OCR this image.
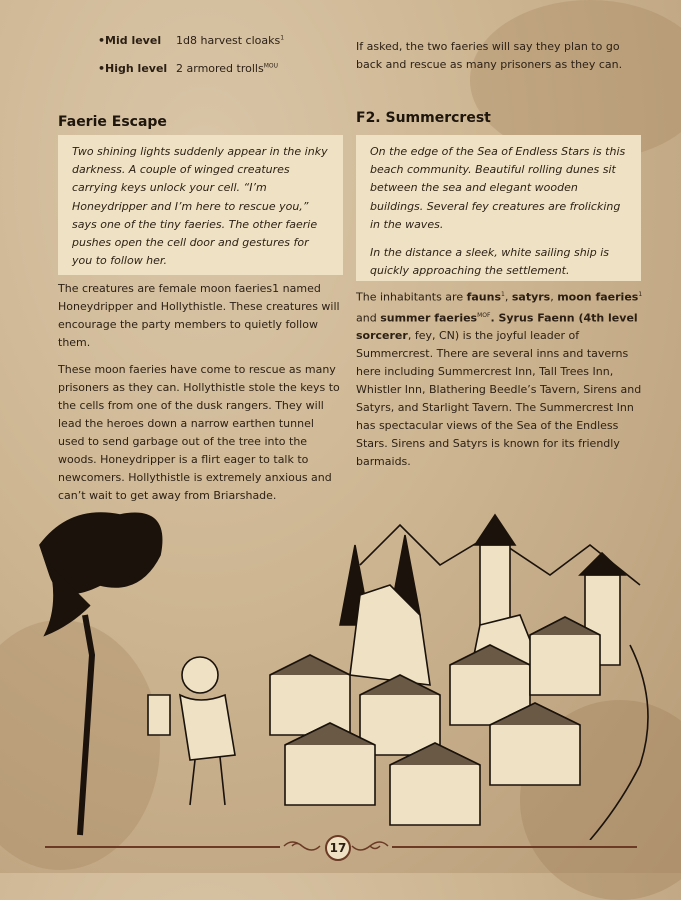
•Mid level 1d8 harvest cloaks$^1$
•High level 2 armored trolls$^{MOU}$
If asked, the two faeries will say they plan to go back and rescue as many prisoners as they can.
Faerie Escape

Two shining lights suddenly appear in the inky darkness. A couple of winged creatures carrying keys unlock your cell. “I’m Honeydripper and I’m here to rescue you,” says one of the tiny faeries. The other faerie pushes open the cell door and gestures for you to follow her.

The creatures are female moon faeries1 named Honeydripper and Hollythistle. These creatures will encourage the party members to quietly follow them.

These moon faeries have come to rescue as many prisoners as they can. Hollythistle stole the keys to the cells from one of the dusk rangers. They will lead the heroes down a narrow earthen tunnel used to send garbage out of the tree into the woods. Honeydripper is a flirt eager to talk to newcomers. Hollythistle is extremely anxious and can’t wait to get away from Briarshade.

F2. Summercrest

On the edge of the Sea of Endless Stars is this beach community. Beautiful rolling dunes sit between the sea and elegant wooden buildings. Several fey creatures are frolicking in the waves.

In the distance a sleek, white sailing ship is quickly approaching the settlement.

The inhabitants are fauns$^1$, satyrs, moon faeries$^1$ and summer faeries$^{MOF}$. Syrus Faenn (4th level sorcerer, fey, CN) is the joyful leader of Summercrest. There are several inns and taverns here including Summercrest Inn, Tall Trees Inn, Whistler Inn, Blathering Beedle’s Tavern, Sirens and Satyrs, and Starlight Tavern. The Summercrest Inn has spectacular views of the Sea of the Endless Stars. Sirens and Satyrs is known for its friendly barmaids.
17
